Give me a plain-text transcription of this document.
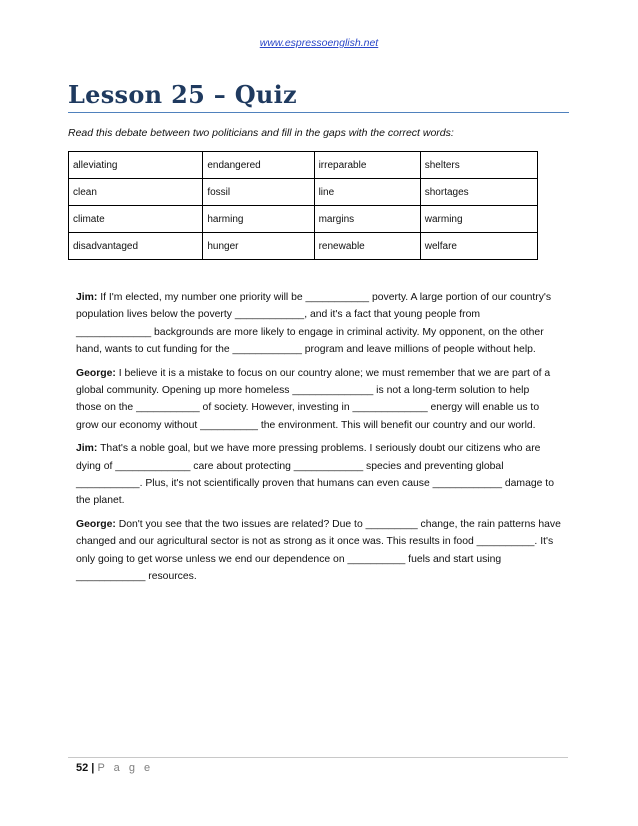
www.espressoenglish.net
Lesson 25 – Quiz
Read this debate between two politicians and fill in the gaps with the correct words:
alleviating	endangered	irreparable	shelters
clean	fossil	line	shortages
climate	harming	margins	warming
disadvantaged	hunger	renewable	welfare

Jim: If I'm elected, my number one priority will be ___________ poverty. A large portion of our country's
population lives below the poverty ____________, and it's a fact that young people from
_____________ backgrounds are more likely to engage in criminal activity. My opponent, on the other
hand, wants to cut funding for the ____________ program and leave millions of people without help.

George: I believe it is a mistake to focus on our country alone; we must remember that we are part of a
global community. Opening up more homeless ______________ is not a long-term solution to help
those on the ___________ of society. However, investing in _____________ energy will enable us to
grow our economy without __________ the environment. This will benefit our country and our world.

Jim: That's a noble goal, but we have more pressing problems. I seriously doubt our citizens who are
dying of _____________ care about protecting ____________ species and preventing global
___________. Plus, it's not scientifically proven that humans can even cause ____________ damage to
the planet.

George: Don't you see that the two issues are related? Due to _________ change, the rain patterns have
changed and our agricultural sector is not as strong as it once was. This results in food __________. It's
only going to get worse unless we end our dependence on __________ fuels and start using
____________ resources.

52 | P a g e
